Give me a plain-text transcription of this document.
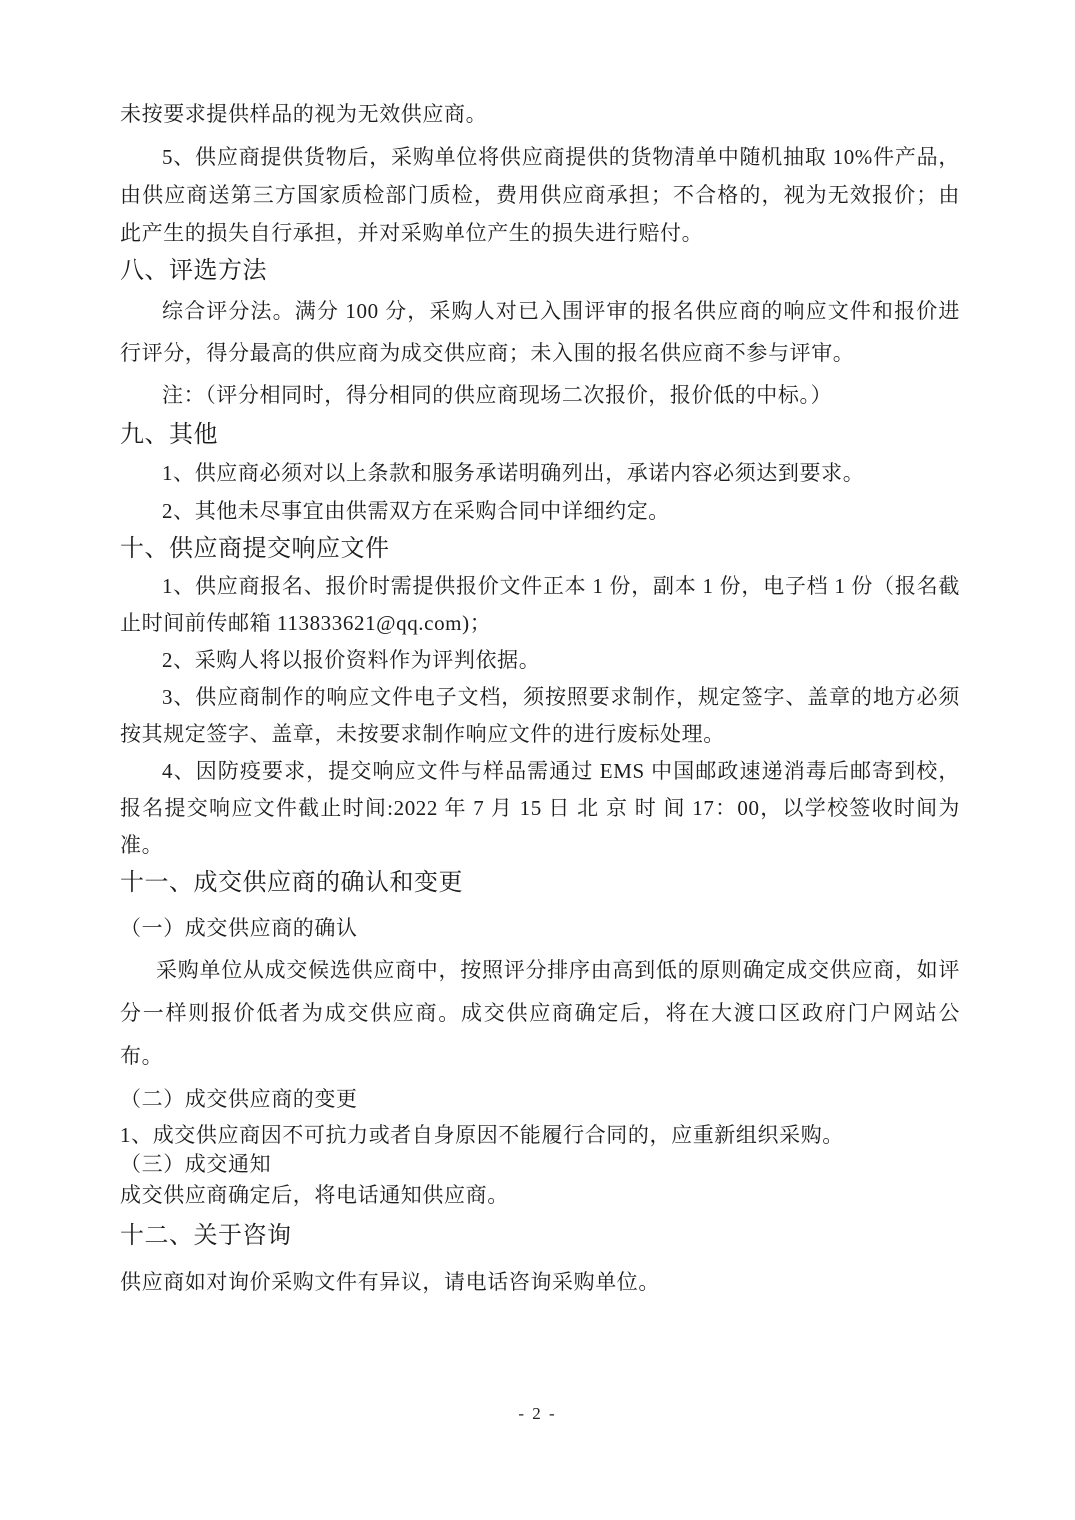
未按要求提供样品的视为无效供应商。

5、供应商提供货物后，采购单位将供应商提供的货物清单中随机抽取 10%件产品，由供应商送第三方国家质检部门质检，费用供应商承担；不合格的，视为无效报价；由此产生的损失自行承担，并对采购单位产生的损失进行赔付。

八、评选方法

综合评分法。满分 100 分，采购人对已入围评审的报名供应商的响应文件和报价进行评分，得分最高的供应商为成交供应商；未入围的报名供应商不参与评审。

注：（评分相同时，得分相同的供应商现场二次报价，报价低的中标。）

九、其他

1、供应商必须对以上条款和服务承诺明确列出，承诺内容必须达到要求。

2、其他未尽事宜由供需双方在采购合同中详细约定。

十、供应商提交响应文件

1、供应商报名、报价时需提供报价文件正本 1 份，副本 1 份，电子档 1 份（报名截止时间前传邮箱 113833621@qq.com)；

2、采购人将以报价资料作为评判依据。

3、供应商制作的响应文件电子文档，须按照要求制作，规定签字、盖章的地方必须按其规定签字、盖章，未按要求制作响应文件的进行废标处理。

4、因防疫要求，提交响应文件与样品需通过 EMS 中国邮政速递消毒后邮寄到校，报名提交响应文件截止时间:2022 年 7 月 15 日 北 京 时 间 17：00，以学校签收时间为准。

十一、成交供应商的确认和变更

（一）成交供应商的确认

采购单位从成交候选供应商中，按照评分排序由高到低的原则确定成交供应商，如评分一样则报价低者为成交供应商。成交供应商确定后，将在大渡口区政府门户网站公布。

（二）成交供应商的变更

1、成交供应商因不可抗力或者自身原因不能履行合同的，应重新组织采购。

（三）成交通知

成交供应商确定后，将电话通知供应商。

十二、关于咨询

供应商如对询价采购文件有异议，请电话咨询采购单位。

- 2 -
